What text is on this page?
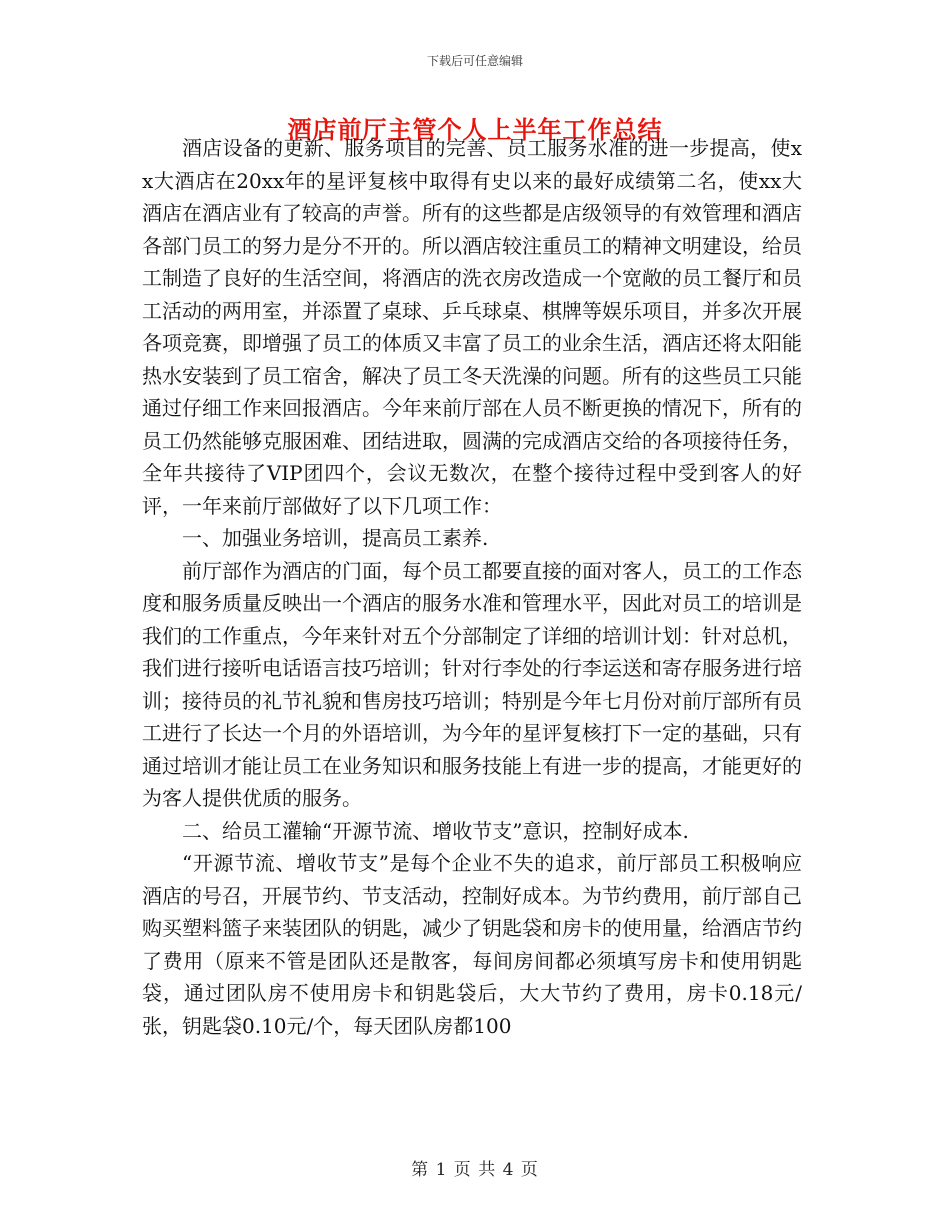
下载后可任意编辑
酒店前厅主管个人上半年工作总结

酒店设备的更新、服务项目的完善、员工服务水准的进一步提高，使xx大酒店在20xx年的星评复核中取得有史以来的最好成绩第二名，使xx大酒店在酒店业有了较高的声誉。所有的这些都是店级领导的有效管理和酒店各部门员工的努力是分不开的。所以酒店较注重员工的精神文明建设，给员工制造了良好的生活空间，将酒店的洗衣房改造成一个宽敞的员工餐厅和员工活动的两用室，并添置了桌球、乒乓球桌、棋牌等娱乐项目，并多次开展各项竞赛，即增强了员工的体质又丰富了员工的业余生活，酒店还将太阳能热水安装到了员工宿舍，解决了员工冬天洗澡的问题。所有的这些员工只能通过仔细工作来回报酒店。今年来前厅部在人员不断更换的情况下，所有的员工仍然能够克服困难、团结进取，圆满的完成酒店交给的各项接待任务，全年共接待了VIP团四个，会议无数次，在整个接待过程中受到客人的好评，一年来前厅部做好了以下几项工作：

一、加强业务培训，提高员工素养.

前厅部作为酒店的门面，每个员工都要直接的面对客人，员工的工作态度和服务质量反映出一个酒店的服务水准和管理水平，因此对员工的培训是我们的工作重点，今年来针对五个分部制定了详细的培训计划：针对总机，我们进行接听电话语言技巧培训；针对行李处的行李运送和寄存服务进行培训；接待员的礼节礼貌和售房技巧培训；特别是今年七月份对前厅部所有员工进行了长达一个月的外语培训，为今年的星评复核打下一定的基础，只有通过培训才能让员工在业务知识和服务技能上有进一步的提高，才能更好的为客人提供优质的服务。

二、给员工灌输“开源节流、增收节支”意识，控制好成本.

“开源节流、增收节支”是每个企业不失的追求，前厅部员工积极响应酒店的号召，开展节约、节支活动，控制好成本。为节约费用，前厅部自己购买塑料篮子来装团队的钥匙，减少了钥匙袋和房卡的使用量，给酒店节约了费用（原来不管是团队还是散客，每间房间都必须填写房卡和使用钥匙袋，通过团队房不使用房卡和钥匙袋后，大大节约了费用，房卡0.18元/张，钥匙袋0.10元/个，每天团队房都100

第 1 页 共 4 页
